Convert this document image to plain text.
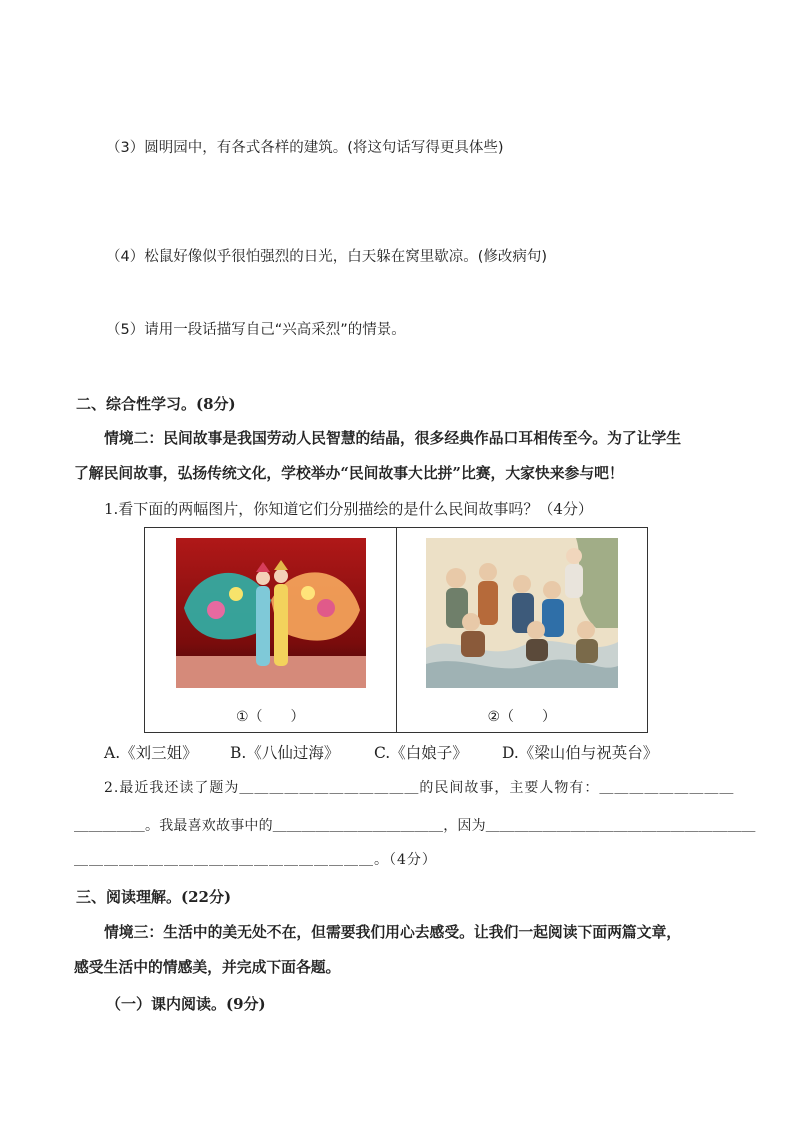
（3）圆明园中，有各式各样的建筑。(将这句话写得更具体些)
（4）松鼠好像似乎很怕强烈的日光，白天躲在窝里歇凉。(修改病句)
（5）请用一段话描写自己“兴高采烈”的情景。
二、综合性学习。(8分)
情境二：民间故事是我国劳动人民智慧的结晶，很多经典作品口耳相传至今。为了让学生
了解民间故事，弘扬传统文化，学校举办“民间故事大比拼”比赛，大家快来参与吧！
1.看下面的两幅图片，你知道它们分别描绘的是什么民间故事吗？（4分）
①（　　）	②（　　）
A.《刘三姐》 B.《八仙过海》 C.《白娘子》 D.《梁山伯与祝英台》
2.最近我还读了题为＿＿＿＿＿＿＿＿＿＿＿＿的民间故事，主要人物有：＿＿＿＿＿＿＿＿＿
＿＿＿＿＿。我最喜欢故事中的＿＿＿＿＿＿＿＿＿＿＿＿，因为＿＿＿＿＿＿＿＿＿＿＿＿＿＿＿＿＿＿＿
＿＿＿＿＿＿＿＿＿＿＿＿＿＿＿＿＿＿＿＿。（4分）
三、阅读理解。(22分)
情境三：生活中的美无处不在，但需要我们用心去感受。让我们一起阅读下面两篇文章，
感受生活中的情感美，并完成下面各题。
（一）课内阅读。(9分)
